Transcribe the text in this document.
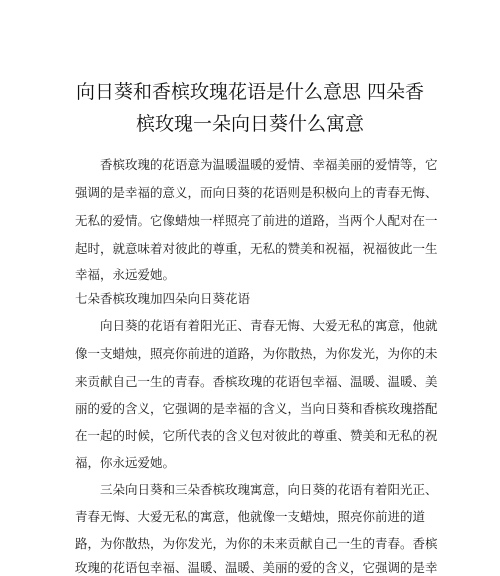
向日葵和香槟玫瑰花语是什么意思 四朵香
槟玫瑰一朵向日葵什么寓意
香槟玫瑰的花语意为温暖温暖的爱情、幸福美丽的爱情等，它
强调的是幸福的意义，而向日葵的花语则是积极向上的青春无悔、
无私的爱情。它像蜡烛一样照亮了前进的道路，当两个人配对在一
起时，就意味着对彼此的尊重，无私的赞美和祝福，祝福彼此一生
幸福，永远爱她。
七朵香槟玫瑰加四朵向日葵花语
向日葵的花语有着阳光正、青春无悔、大爱无私的寓意，他就
像一支蜡烛，照亮你前进的道路，为你散热，为你发光，为你的未
来贡献自己一生的青春。香槟玫瑰的花语包幸福、温暖、温暖、美
丽的爱的含义，它强调的是幸福的含义，当向日葵和香槟玫瑰搭配
在一起的时候，它所代表的含义包对彼此的尊重、赞美和无私的祝
福，你永远爱她。
三朵向日葵和三朵香槟玫瑰寓意，向日葵的花语有着阳光正、
青春无悔、大爱无私的寓意，他就像一支蜡烛，照亮你前进的道
路，为你散热，为你发光，为你的未来贡献自己一生的青春。香槟
玫瑰的花语包幸福、温暖、温暖、美丽的爱的含义，它强调的是幸
